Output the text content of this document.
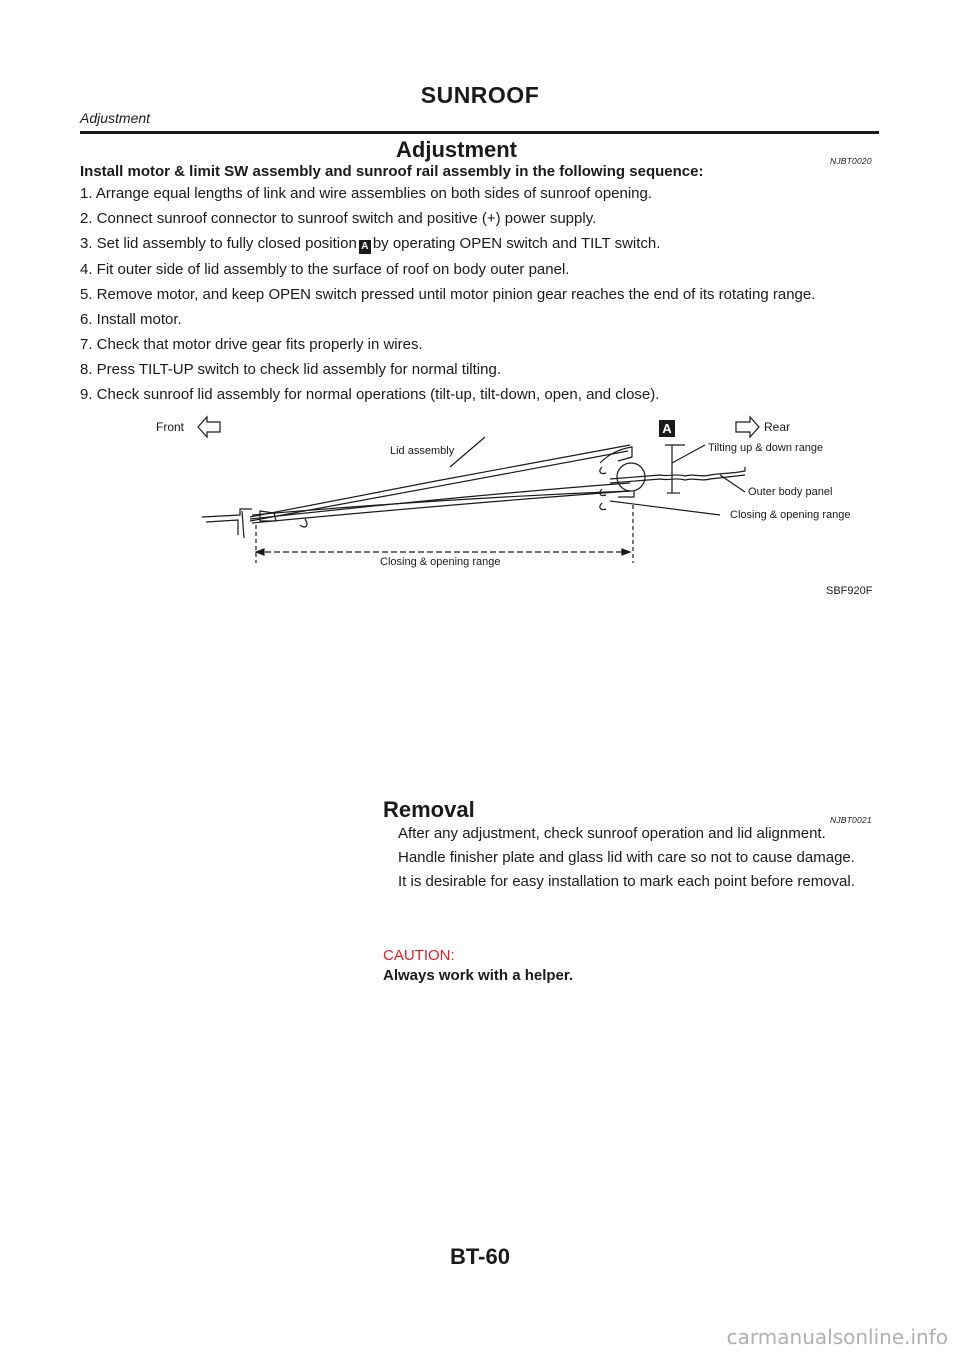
SUNROOF
Adjustment
Adjustment	NJBT0020
Install motor & limit SW assembly and sunroof rail assembly in the following sequence:
1. Arrange equal lengths of link and wire assemblies on both sides of sunroof opening.
2. Connect sunroof connector to sunroof switch and positive (+) power supply.
3. Set lid assembly to fully closed position A by operating OPEN switch and TILT switch.
4. Fit outer side of lid assembly to the surface of roof on body outer panel.
5. Remove motor, and keep OPEN switch pressed until motor pinion gear reaches the end of its rotating range.
6. Install motor.
7. Check that motor drive gear fits properly in wires.
8. Press TILT-UP switch to check lid assembly for normal tilting.
9. Check sunroof lid assembly for normal operations (tilt-up, tilt-down, open, and close).
A
Front	Rear
Lid assembly	Tilting up & down range
Outer body panel
Closing & opening range
Closing & opening range
SBF920F
Removal	NJBT0021

After any adjustment, check sunroof operation and lid alignment.

Handle finisher plate and glass lid with care so not to cause damage.

It is desirable for easy installation to mark each point before removal.

CAUTION:
Always work with a helper.
BT-60
carmanualsonline.info
